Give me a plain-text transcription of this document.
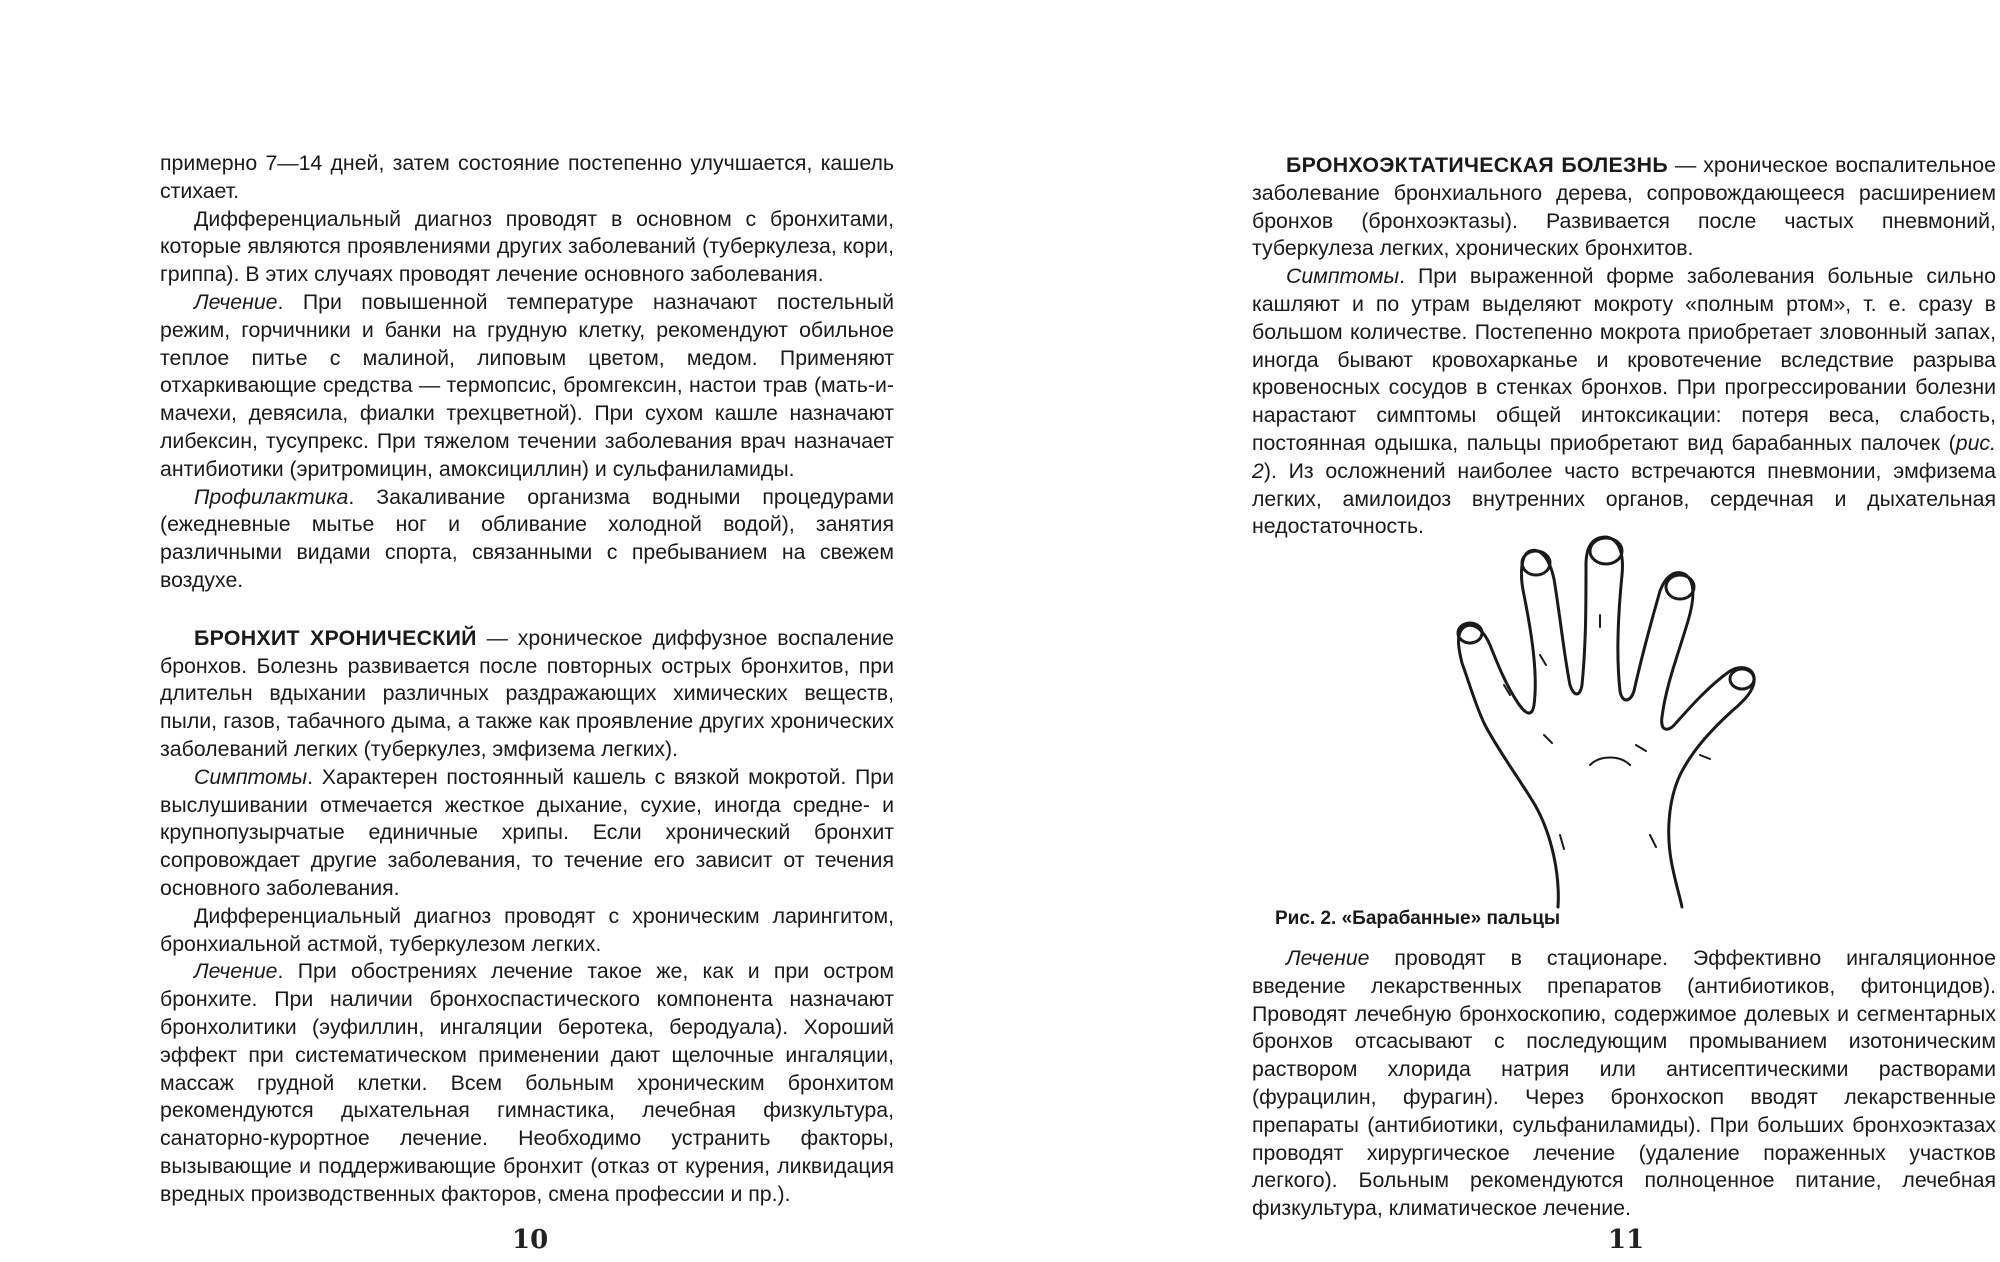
примерно 7—14 дней, затем состояние постепенно улучшается, кашель стихает.

Дифференциальный диагноз проводят в основном с бронхитами, которые являются проявлениями других заболеваний (туберкулеза, кори, гриппа). В этих случаях проводят лечение основного заболевания.

Лечение. При повышенной температуре назначают постельный режим, горчичники и банки на грудную клетку, рекомендуют обильное теплое питье с малиной, липовым цветом, медом. Применяют отхаркивающие средства — термопсис, бромгексин, настои трав (мать-и-мачехи, девясила, фиалки трехцветной). При сухом кашле назначают либексин, тусупрекс. При тяжелом течении заболевания врач назначает антибиотики (эритромицин, амоксициллин) и сульфаниламиды.

Профилактика. Закаливание организма водными процедурами (ежедневные мытье ног и обливание холодной водой), занятия различными видами спорта, связанными с пребыванием на свежем воздухе.

БРОНХИТ ХРОНИЧЕСКИЙ — хроническое диффузное воспаление бронхов. Болезнь развивается после повторных острых бронхитов, при длительн вдыхании различных раздражающих химических веществ, пыли, газов, табачного дыма, а также как проявление других хронических заболеваний легких (туберкулез, эмфизема легких).

Симптомы. Характерен постоянный кашель с вязкой мокротой. При выслушивании отмечается жесткое дыхание, сухие, иногда средне- и крупнопузырчатые единичные хрипы. Если хронический бронхит сопровождает другие заболевания, то течение его зависит от течения основного заболевания.

Дифференциальный диагноз проводят с хроническим ларингитом, бронхиальной астмой, туберкулезом легких.

Лечение. При обострениях лечение такое же, как и при остром бронхите. При наличии бронхоспастического компонента назначают бронхолитики (эуфиллин, ингаляции беротека, беродуала). Хороший эффект при систематическом применении дают щелочные ингаляции, массаж грудной клетки. Всем больным хроническим бронхитом рекомендуются дыхательная гимнастика, лечебная физкультура, санаторно-курортное лечение. Необходимо устранить факторы, вызывающие и поддерживающие бронхит (отказ от курения, ликвидация вредных производственных факторов, смена профессии и пр.).

10

БРОНХОЭКТАТИЧЕСКАЯ БОЛЕЗНЬ — хроническое воспалительное заболевание бронхиального дерева, сопровождающееся расширением бронхов (бронхоэктазы). Развивается после частых пневмоний, туберкулеза легких, хронических бронхитов.

Симптомы. При выраженной форме заболевания больные сильно кашляют и по утрам выделяют мокроту «полным ртом», т. е. сразу в большом количестве. Постепенно мокрота приобретает зловонный запах, иногда бывают кровохарканье и кровотечение вследствие разрыва кровеносных сосудов в стенках бронхов. При прогрессировании болезни нарастают симптомы общей интоксикации: потеря веса, слабость, постоянная одышка, пальцы приобретают вид барабанных палочек (рис. 2). Из осложнений наиболее часто встречаются пневмонии, эмфизема легких, амилоидоз внутренних органов, сердечная и дыхательная недостаточность.

Рис. 2. «Барабанные» пальцы

Лечение проводят в стационаре. Эффективно ингаляционное введение лекарственных препаратов (антибиотиков, фитонцидов). Проводят лечебную бронхоскопию, содержимое долевых и сегментарных бронхов отсасывают с последующим промыванием изотоническим раствором хлорида натрия или антисептическими растворами (фурацилин, фурагин). Через бронхоскоп вводят лекарственные препараты (антибиотики, сульфаниламиды). При больших бронхоэктазах проводят хирургическое лечение (удаление пораженных участков легкого). Больным рекомендуются полноценное питание, лечебная физкультура, климатическое лечение.

11
